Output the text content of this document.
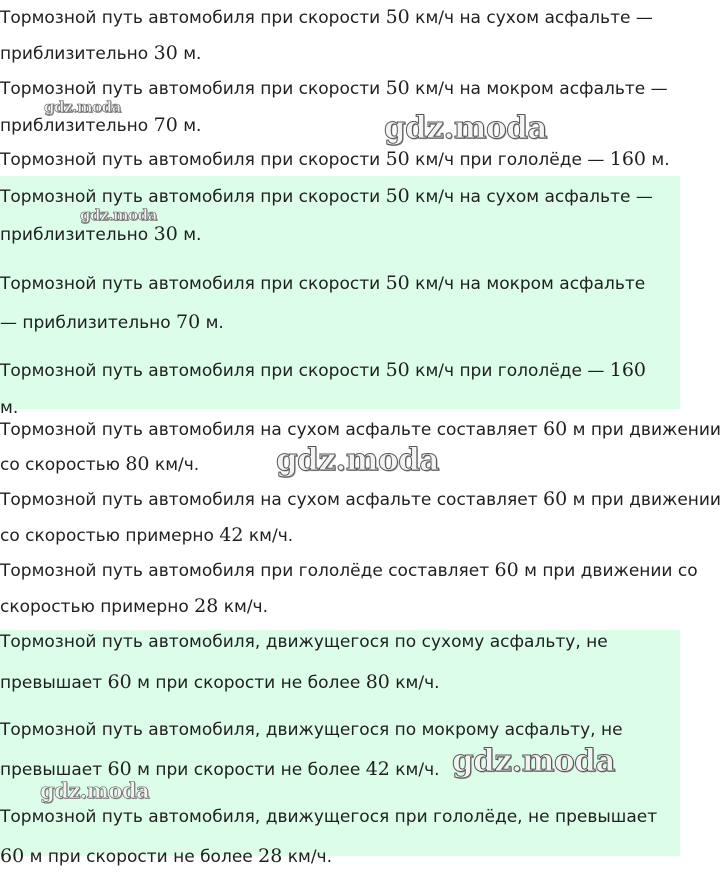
Тормозной путь автомобиля при скорости 50 км/ч на сухом асфальте —
приблизительно 30 м.
Тормозной путь автомобиля при скорости 50 км/ч на мокром асфальте —
приблизительно 70 м.
Тормозной путь автомобиля при скорости 50 км/ч при гололёде — 160 м.
Тормозной путь автомобиля при скорости 50 км/ч на сухом асфальте —
приблизительно 30 м.
Тормозной путь автомобиля при скорости 50 км/ч на мокром асфальте
— приблизительно 70 м.
Тормозной путь автомобиля при скорости 50 км/ч при гололёде — 160
м.
Тормозной путь автомобиля на сухом асфальте составляет 60 м при движении
со скоростью 80 км/ч.
Тормозной путь автомобиля на сухом асфальте составляет 60 м при движении
со скоростью примерно 42 км/ч.
Тормозной путь автомобиля при гололёде составляет 60 м при движении со
скоростью примерно 28 км/ч.
Тормозной путь автомобиля, движущегося по сухому асфальту, не
превышает 60 м при скорости не более 80 км/ч.
Тормозной путь автомобиля, движущегося по мокрому асфальту, не
превышает 60 м при скорости не более 42 км/ч.
Тормозной путь автомобиля, движущегося при гололёде, не превышает
60 м при скорости не более 28 км/ч.
gdz.moda
gdz.moda
gdz.moda
gdz.moda
gdz.moda
gdz.moda
